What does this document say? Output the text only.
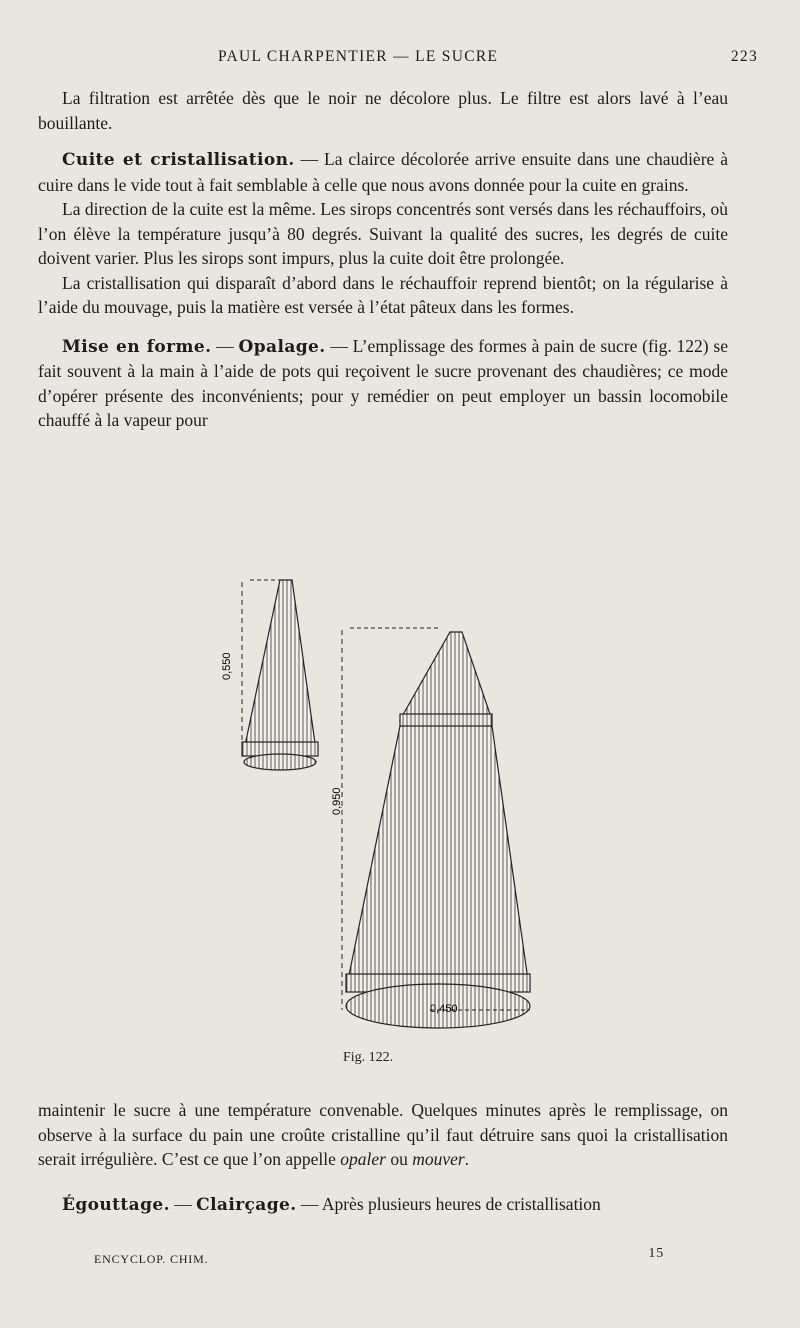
PAUL CHARPENTIER — LE SUCRE	223

La filtration est arrêtée dès que le noir ne décolore plus. Le filtre est alors lavé à l’eau bouillante.

Cuite et cristallisation. — La clairce décolorée arrive ensuite dans une chaudière à cuire dans le vide tout à fait semblable à celle que nous avons donnée pour la cuite en grains.

La direction de la cuite est la même. Les sirops concentrés sont versés dans les réchauffoirs, où l’on élève la température jusqu’à 80 degrés. Suivant la qualité des sucres, les degrés de cuite doivent varier. Plus les sirops sont impurs, plus la cuite doit être prolongée.

La cristallisation qui disparaît d’abord dans le réchauffoir reprend bientôt; on la régularise à l’aide du mouvage, puis la matière est versée à l’état pâteux dans les formes.

Mise en forme. — Opalage. — L’emplissage des formes à pain de sucre (fig. 122) se fait souvent à la main à l’aide de pots qui reçoivent le sucre provenant des chaudières; ce mode d’opérer présente des inconvénients; pour y remédier on peut employer un bassin locomobile chauffé à la vapeur pour

0,550
0,950
0,450
Fig. 122.

maintenir le sucre à une température convenable. Quelques minutes après le remplissage, on observe à la surface du pain une croûte cristalline qu’il faut détruire sans quoi la cristallisation serait irrégulière. C’est ce que l’on appelle opaler ou mouver.

Égouttage. — Clairçage. — Après plusieurs heures de cristallisation

ENCYCLOP. CHIM.	15
